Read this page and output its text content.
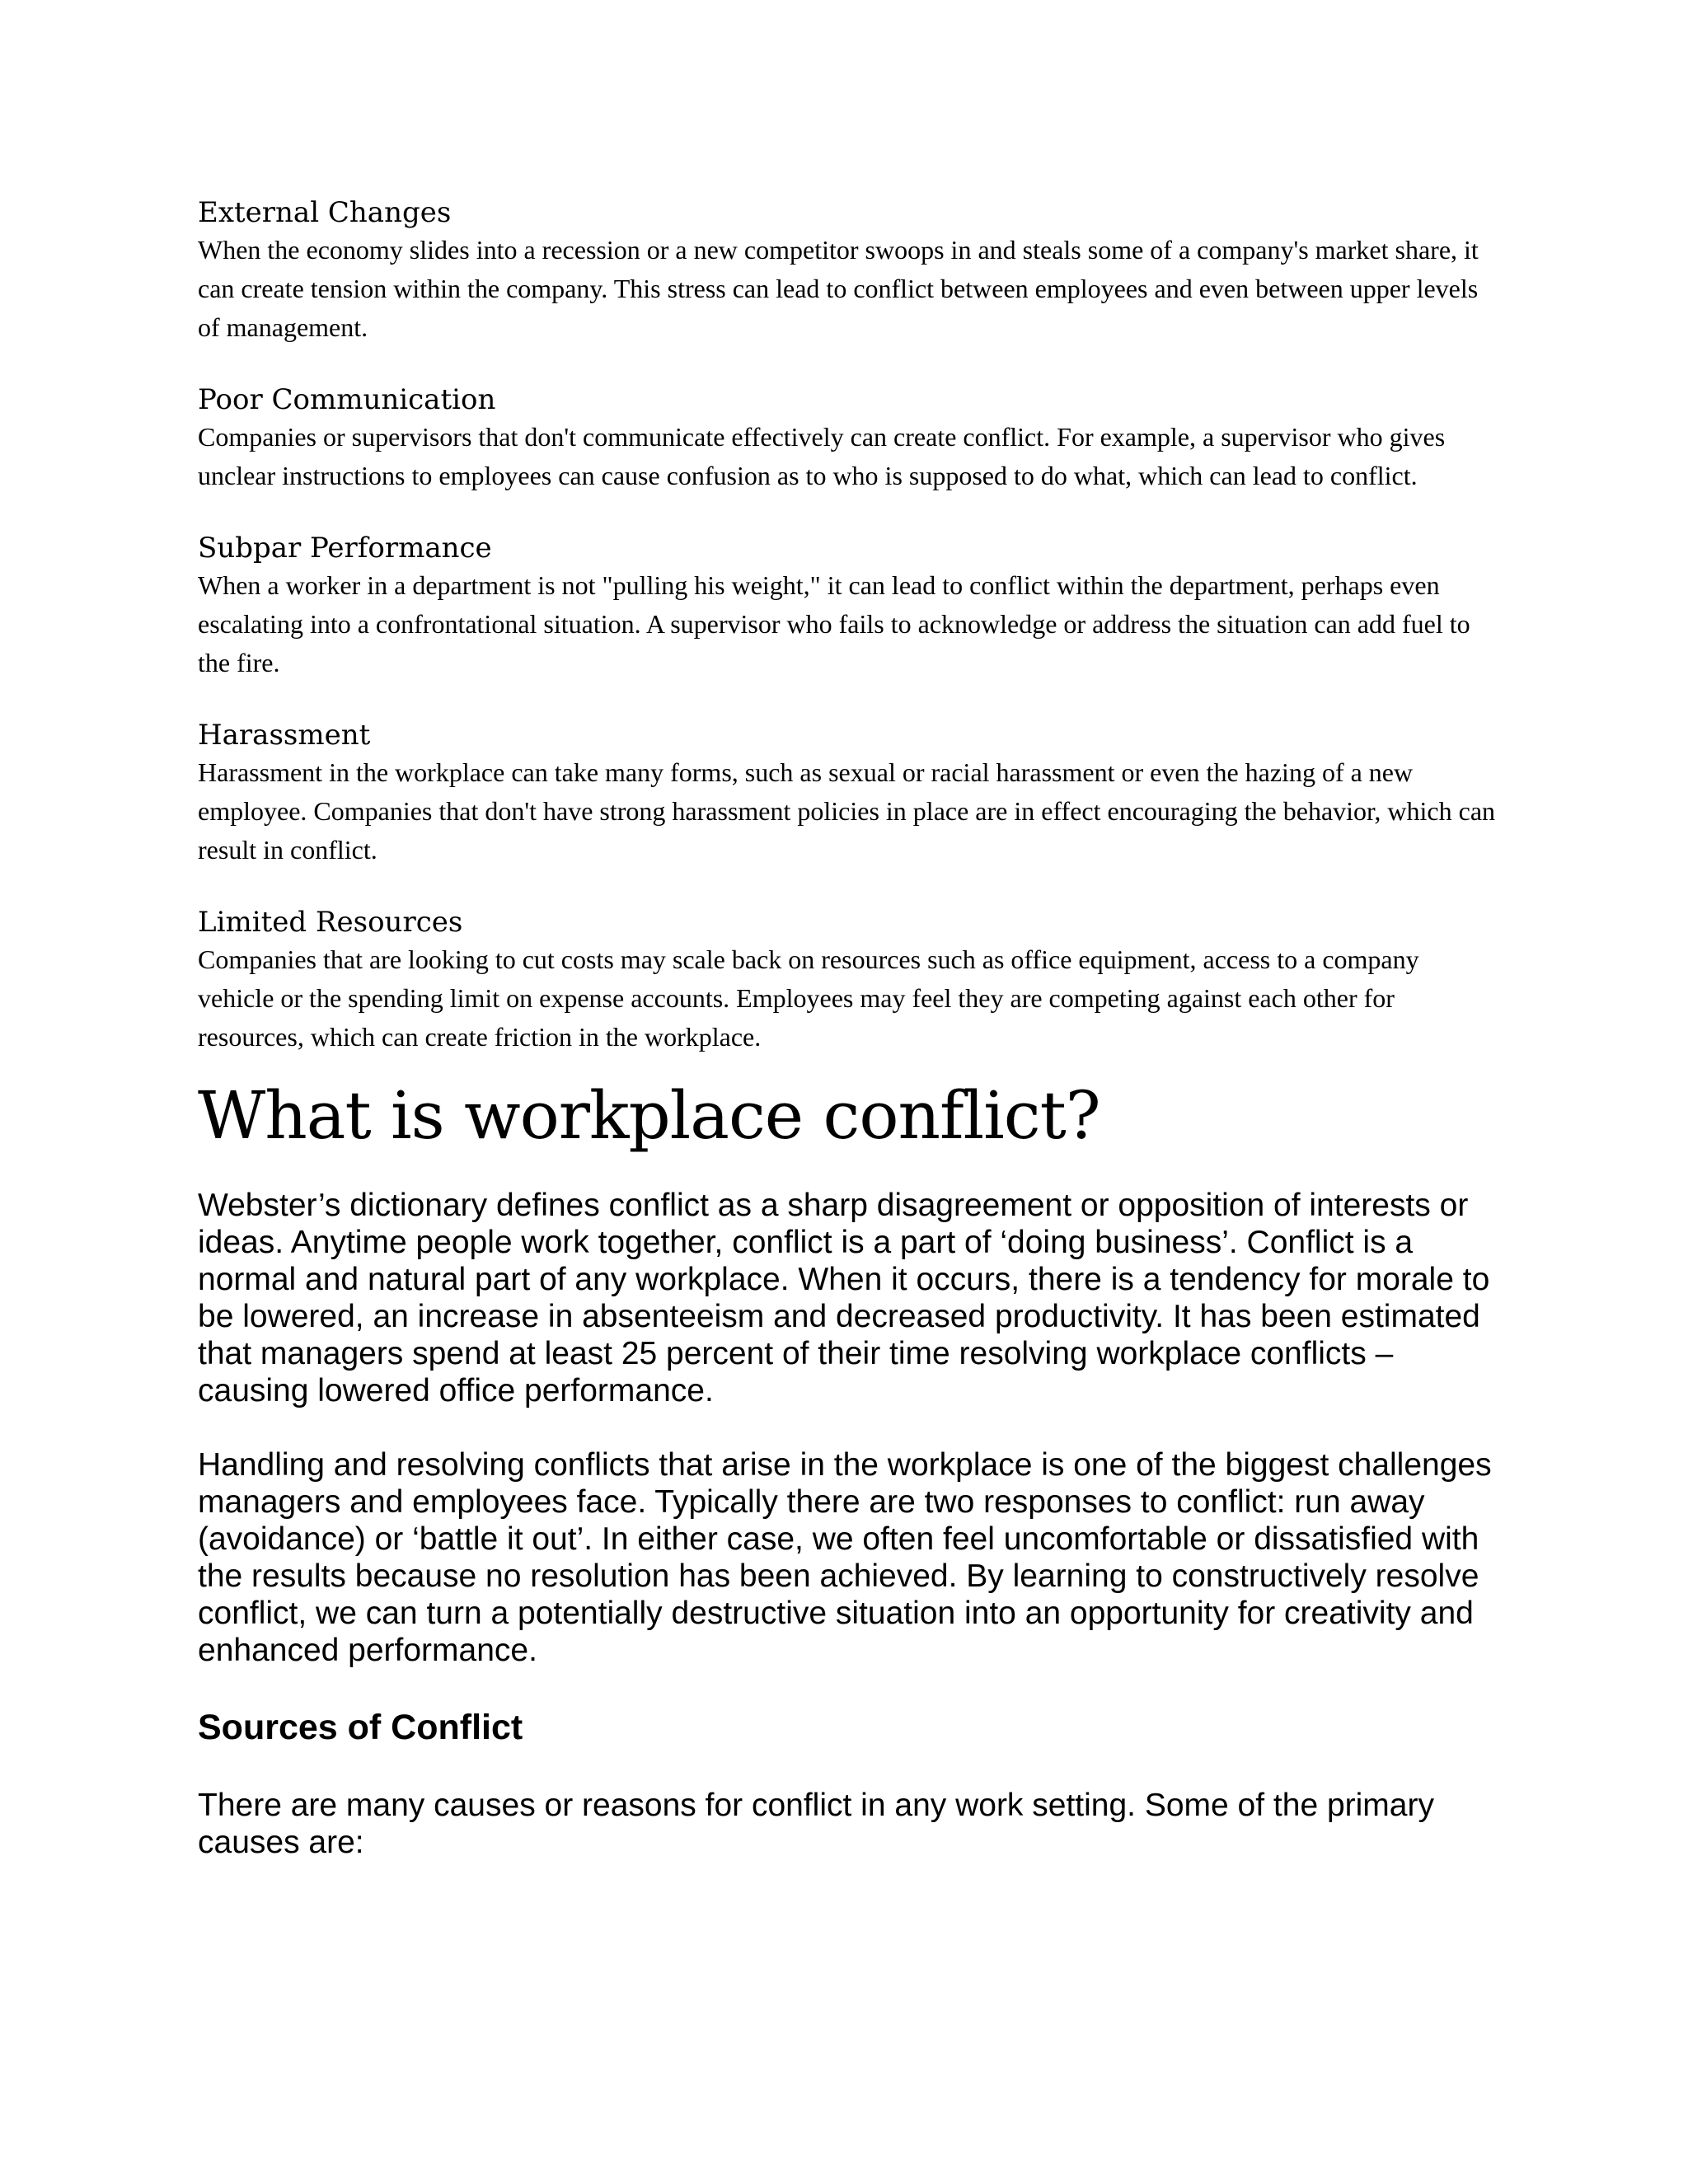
External Changes

When the economy slides into a recession or a new competitor swoops in and steals some of a company's market share, it can create tension within the company. This stress can lead to conflict between employees and even between upper levels of management.

Poor Communication

Companies or supervisors that don't communicate effectively can create conflict. For example, a supervisor who gives unclear instructions to employees can cause confusion as to who is supposed to do what, which can lead to conflict.

Subpar Performance

When a worker in a department is not "pulling his weight," it can lead to conflict within the department, perhaps even escalating into a confrontational situation. A supervisor who fails to acknowledge or address the situation can add fuel to the fire.

Harassment

Harassment in the workplace can take many forms, such as sexual or racial harassment or even the hazing of a new employee. Companies that don't have strong harassment policies in place are in effect encouraging the behavior, which can result in conflict.

Limited Resources

Companies that are looking to cut costs may scale back on resources such as office equipment, access to a company vehicle or the spending limit on expense accounts. Employees may feel they are competing against each other for resources, which can create friction in the workplace.

What is workplace conflict?

Webster’s dictionary defines conflict as a sharp disagreement or opposition of interests or ideas. Anytime people work together, conflict is a part of ‘doing business’. Conflict is a normal and natural part of any workplace. When it occurs, there is a tendency for morale to be lowered, an increase in absenteeism and decreased productivity. It has been estimated that managers spend at least 25 percent of their time resolving workplace conflicts – causing lowered office performance.

Handling and resolving conflicts that arise in the workplace is one of the biggest challenges managers and employees face. Typically there are two responses to conflict: run away (avoidance) or ‘battle it out’. In either case, we often feel uncomfortable or dissatisfied with the results because no resolution has been achieved. By learning to constructively resolve conflict, we can turn a potentially destructive situation into an opportunity for creativity and enhanced performance.

Sources of Conflict

There are many causes or reasons for conflict in any work setting. Some of the primary causes are:
